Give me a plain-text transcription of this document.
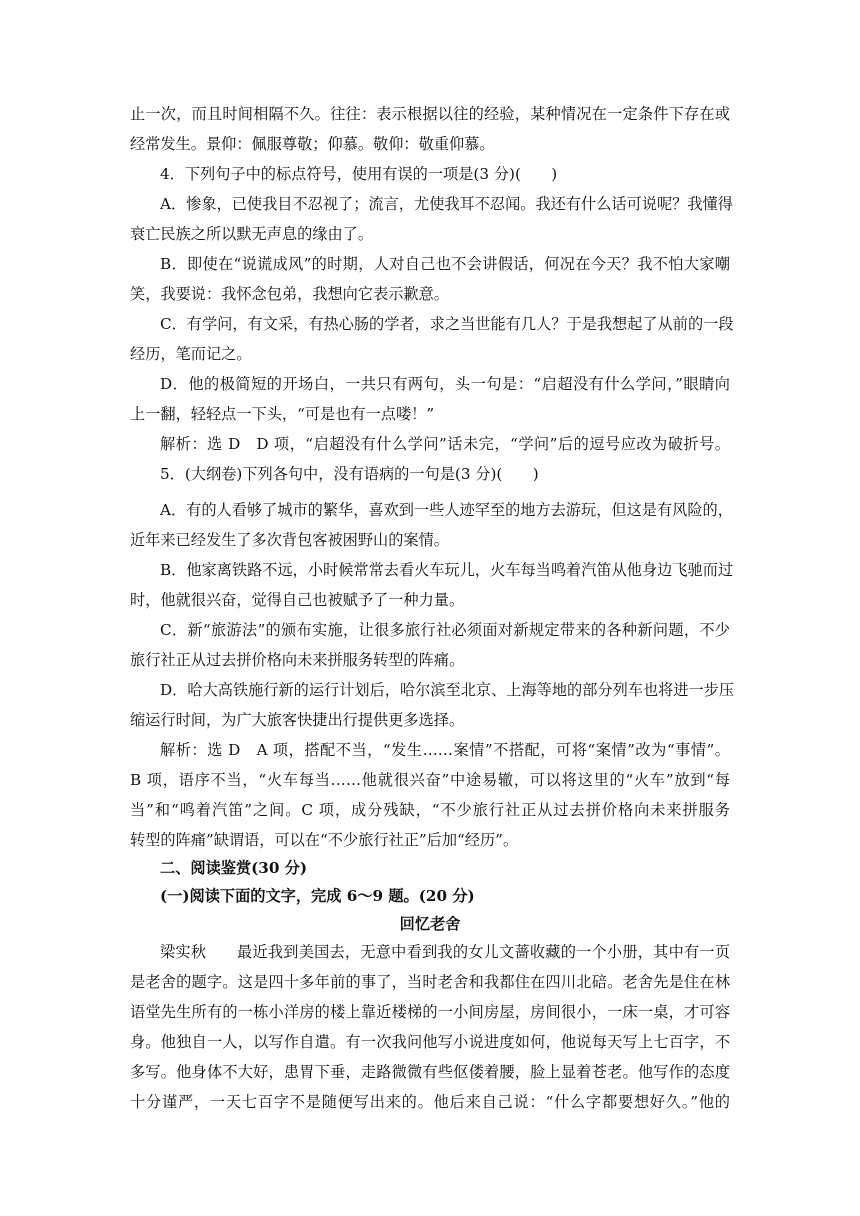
止一次，而且时间相隔不久。往往：表示根据以往的经验，某种情况在一定条件下存在或
经常发生。景仰：佩服尊敬；仰慕。敬仰：敬重仰慕。
4．下列句子中的标点符号，使用有误的一项是(3 分)(　　)
A．惨象，已使我目不忍视了；流言，尤使我耳不忍闻。我还有什么话可说呢？我懂得
衰亡民族之所以默无声息的缘由了。
B．即使在“说谎成风”的时期，人对自己也不会讲假话，何况在今天？我不怕大家嘲
笑，我要说：我怀念包弟，我想向它表示歉意。
C．有学问，有文采，有热心肠的学者，求之当世能有几人？于是我想起了从前的一段
经历，笔而记之。
D．他的极简短的开场白，一共只有两句，头一句是：“启超没有什么学问，”眼睛向
上一翻，轻轻点一下头，“可是也有一点喽！”
解析：选 D　D 项，“启超没有什么学问”话未完，“学问”后的逗号应改为破折号。
5．(大纲卷)下列各句中，没有语病的一句是(3 分)(　　)
A．有的人看够了城市的繁华，喜欢到一些人迹罕至的地方去游玩，但这是有风险的，
近年来已经发生了多次背包客被困野山的案情。
B．他家离铁路不远，小时候常常去看火车玩儿，火车每当鸣着汽笛从他身边飞驰而过
时，他就很兴奋，觉得自己也被赋予了一种力量。
C．新“旅游法”的颁布实施，让很多旅行社必须面对新规定带来的各种新问题，不少
旅行社正从过去拼价格向未来拼服务转型的阵痛。
D．哈大高铁施行新的运行计划后，哈尔滨至北京、上海等地的部分列车也将进一步压
缩运行时间，为广大旅客快捷出行提供更多选择。
解析：选 D　A 项，搭配不当，“发生……案情”不搭配，可将“案情”改为“事情”。
B 项，语序不当，“火车每当……他就很兴奋”中途易辙，可以将这里的“火车”放到“每
当”和“鸣着汽笛”之间。C 项，成分残缺，“不少旅行社正从过去拼价格向未来拼服务
转型的阵痛”缺谓语，可以在“不少旅行社正”后加“经历”。
二、阅读鉴赏(30 分)
(一)阅读下面的文字，完成 6～9 题。(20 分)
梁实秋　　最近我到美国去，无意中看到我的女儿文蔷收藏的一个小册，其中有一页
是老舍的题字。这是四十多年前的事了，当时老舍和我都住在四川北碚。老舍先是住在林
语堂先生所有的一栋小洋房的楼上靠近楼梯的一小间房屋，房间很小，一床一桌，才可容
身。他独自一人，以写作自遣。有一次我问他写小说进度如何，他说每天写上七百字，不
多写。他身体不大好，患胃下垂，走路微微有些伛偻着腰，脸上显着苍老。他写作的态度
十分谨严，一天七百字不是随便写出来的。他后来自己说：“什么字都要想好久。”他的
回忆老舍
